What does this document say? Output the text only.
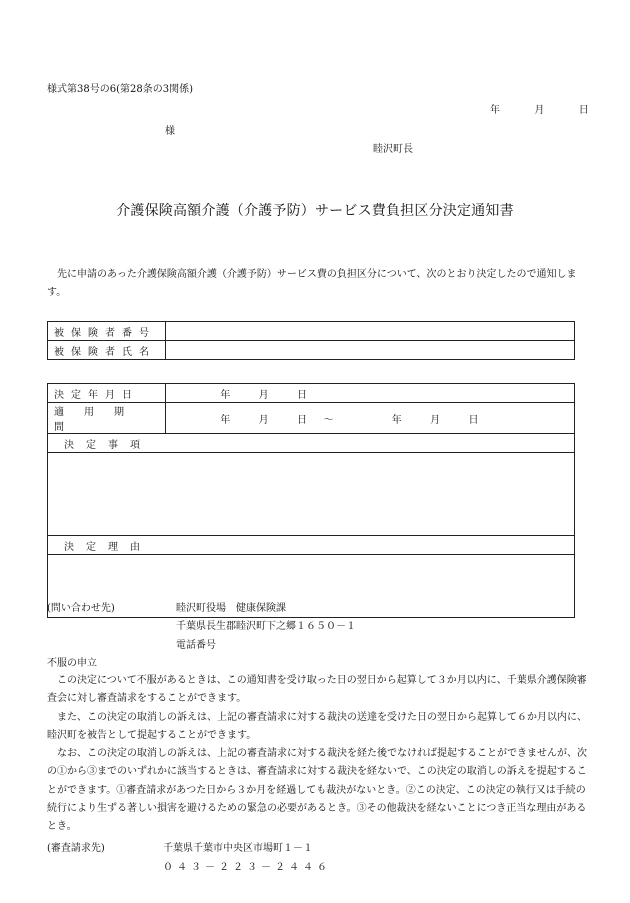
様式第38号の6(第28条の3関係)
年	月	日
様
睦沢町長
介護保険高額介護（介護予防）サービス費負担区分決定通知書

先に申請のあった介護保険高額介護（介護予防）サービス費の負担区分について、次のとおり決定したので通知します。

被保険者番号	
被保険者氏名	
決定年月日	年 月 日
適用期間	年 月 日 ～ 年 月 日
決定事項	

決定理由	

(問い合わせ先)	睦沢町役場　健康保険課
千葉県長生郡睦沢町下之郷１６５０－１
電話番号
不服の申立

この決定について不服があるときは、この通知書を受け取った日の翌日から起算して３か月以内に、千葉県介護保険審査会に対し審査請求をすることができます。

また、この決定の取消しの訴えは、上記の審査請求に対する裁決の送達を受けた日の翌日から起算して６か月以内に、睦沢町を被告として提起することができます。

なお、この決定の取消しの訴えは、上記の審査請求に対する裁決を経た後でなければ提起することができませんが、次の①から③までのいずれかに該当するときは、審査請求に対する裁決を経ないで、この決定の取消しの訴えを提起することができます。①審査請求があつた日から３か月を経過しても裁決がないとき。②この決定、この決定の執行又は手続の続行により生ずる著しい損害を避けるための緊急の必要があるとき。③その他裁決を経ないことにつき正当な理由があるとき。

(審査請求先)	千葉県千葉市中央区市場町１－１
０４３－２２３－２４４６
